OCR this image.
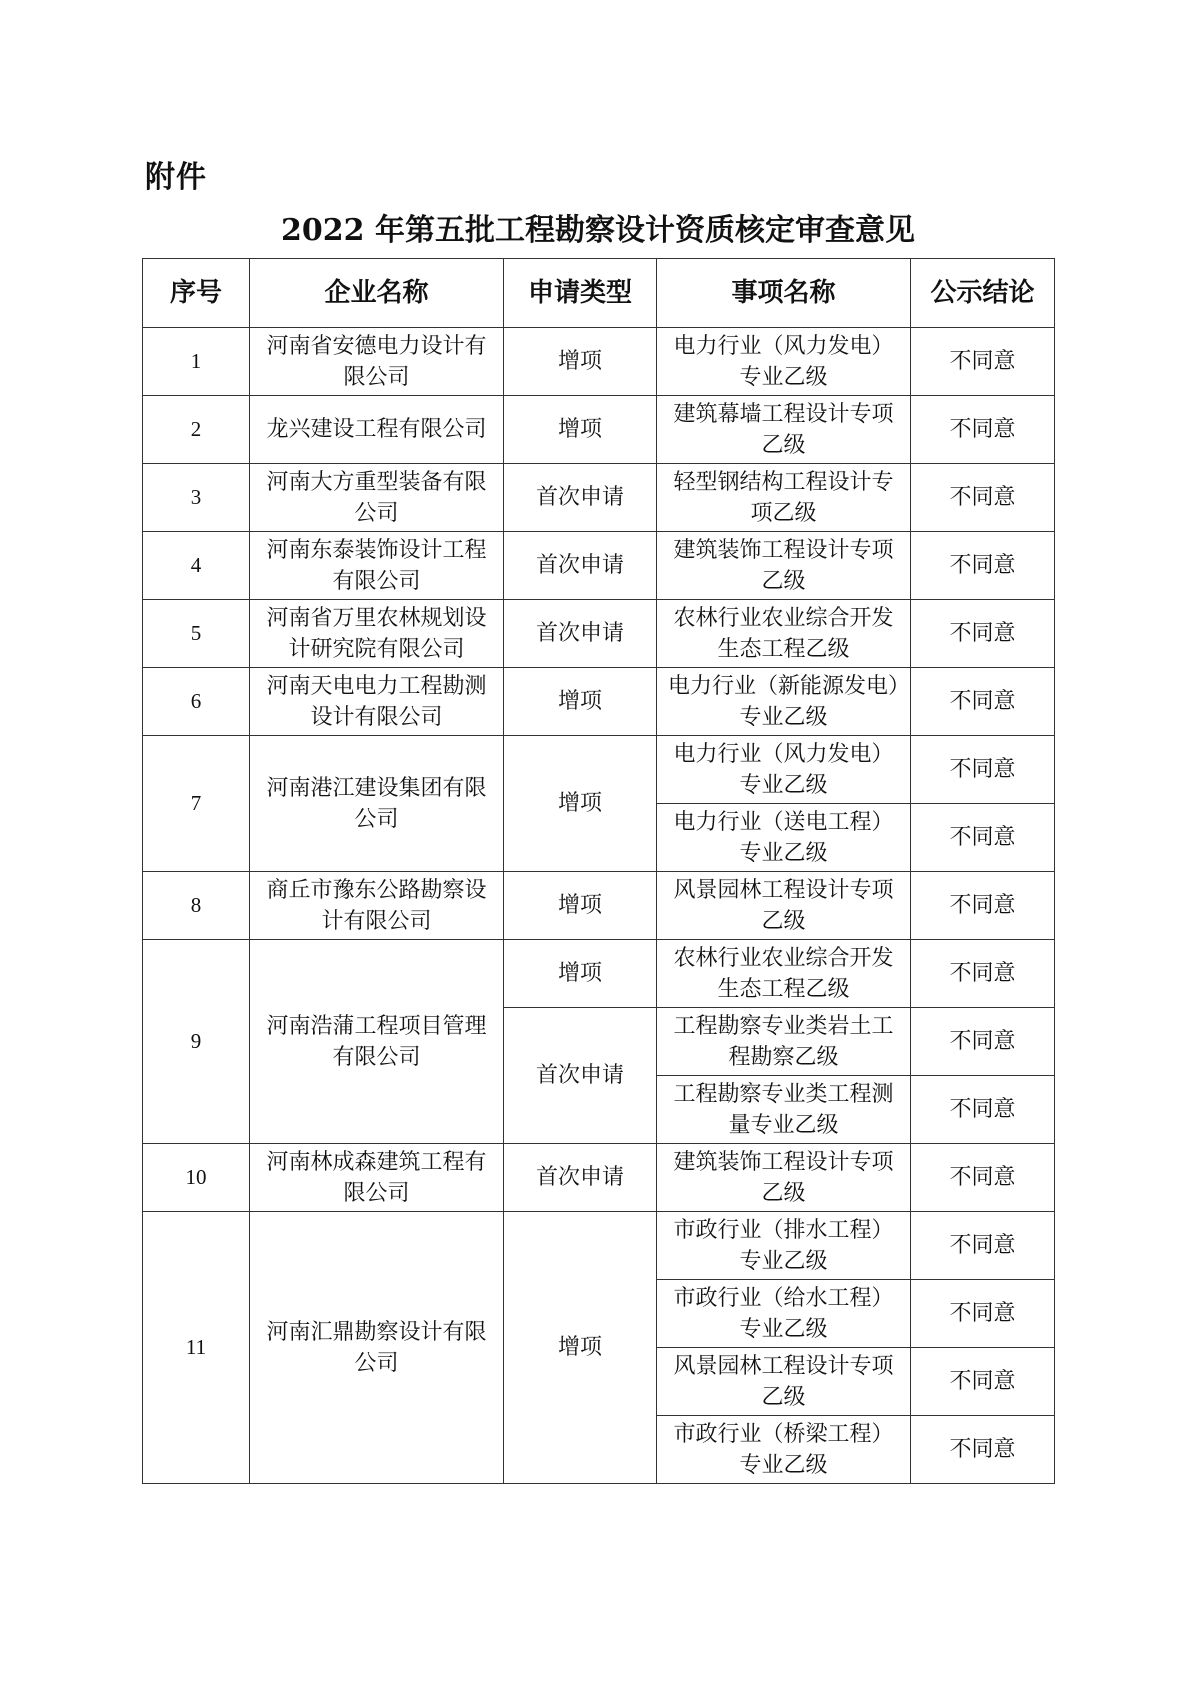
附件
2022 年第五批工程勘察设计资质核定审查意见
序号	企业名称	申请类型	事项名称	公示结论
1	河南省安德电力设计有限公司	增项	电力行业（风力发电）专业乙级	不同意
2	龙兴建设工程有限公司	增项	建筑幕墙工程设计专项乙级	不同意
3	河南大方重型装备有限公司	首次申请	轻型钢结构工程设计专项乙级	不同意
4	河南东泰装饰设计工程有限公司	首次申请	建筑装饰工程设计专项乙级	不同意
5	河南省万里农林规划设计研究院有限公司	首次申请	农林行业农业综合开发生态工程乙级	不同意
6	河南天电电力工程勘测设计有限公司	增项	电力行业（新能源发电）专业乙级	不同意
7	河南港江建设集团有限公司	增项	电力行业（风力发电）专业乙级	不同意
			电力行业（送电工程）专业乙级	不同意
8	商丘市豫东公路勘察设计有限公司	增项	风景园林工程设计专项乙级	不同意
9	河南浩蒲工程项目管理有限公司	增项	农林行业农业综合开发生态工程乙级	不同意
		首次申请	工程勘察专业类岩土工程勘察乙级	不同意
			工程勘察专业类工程测量专业乙级	不同意
10	河南林成森建筑工程有限公司	首次申请	建筑装饰工程设计专项乙级	不同意
11	河南汇鼎勘察设计有限公司	增项	市政行业（排水工程）专业乙级	不同意
			市政行业（给水工程）专业乙级	不同意
			风景园林工程设计专项乙级	不同意
			市政行业（桥梁工程）专业乙级	不同意
